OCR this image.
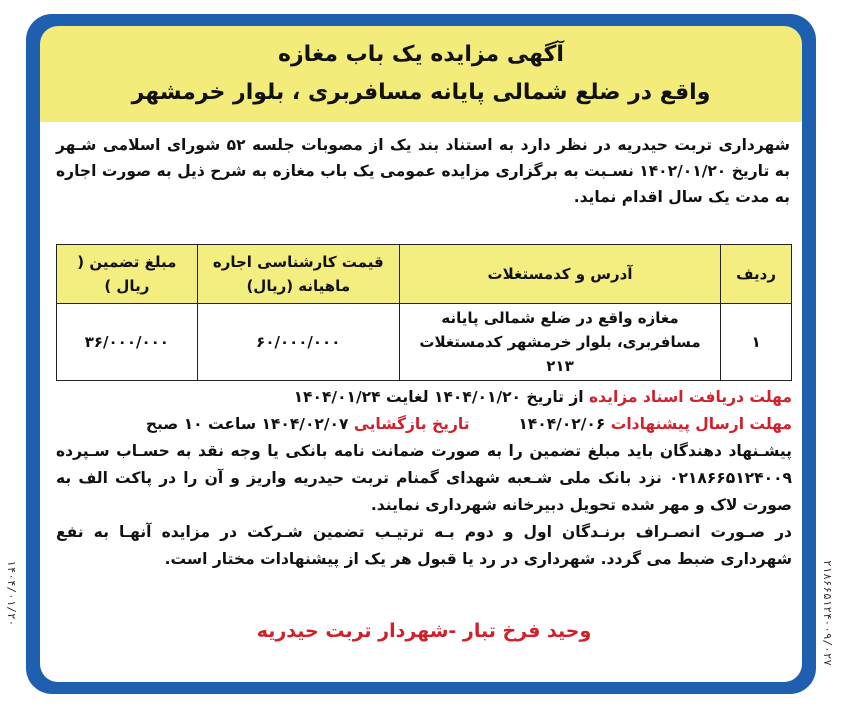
آگهی مزایده یک باب مغازه
واقع در ضلع شمالی پایانه مسافربری ، بلوار خرمشهر
شهرداری تربت حیدریه در نظر دارد به استناد بند یک از مصوبات جلسه ۵۲ شورای اسلامی شـهر به تاریخ ۱۴۰۲/۰۱/۲۰ نسـبت به برگزاری مزایده عمومی یک باب مغازه به شرح ذیل به صورت اجاره به مدت یک سال اقدام نماید.
ردیف	آدرس و کدمستغلات	قیمت کارشناسی اجاره ماهیانه (ریال)	مبلغ تضمین ( ریال )
۱	مغازه واقع در ضلع شمالی پایانه مسافربری، بلوار خرمشهر کدمستغلات ۲۱۳	۶۰/۰۰۰/۰۰۰	۳۶/۰۰۰/۰۰۰
مهلت دریافت اسناد مزایده از تاریخ ۱۴۰۴/۰۱/۲۰ لغایت ۱۴۰۴/۰۱/۲۴
مهلت ارسال پیشنهادات ۱۴۰۴/۰۲/۰۶  تاریخ بازگشایی ۱۴۰۴/۰۲/۰۷ ساعت ۱۰ صبح
پیشـنهاد دهندگان باید مبلغ تضمین را به صورت ضمانت نامه بانکی یا وجه نقد به حسـاب سـپرده ۰۲۱۸۶۶۵۱۲۴۰۰۹ نزد بانک ملی شـعبه شهدای گمنام تربت حیدریه واریز و آن را در پاکت الف به صورت لاک و مهر شده تحویل دبیرخانه شهرداری نمایند.
در صـورت انصـراف برنـدگان اول و دوم بـه ترتیـب تضمین شـرکت در مزایده آنهـا به نفع شهرداری ضبط می گردد. شهرداری در رد یا قبول هر یک از پیشنهادات مختار است.
وحید فرخ تبار -شهردار تربت حیدریه	۲۱۸۶۶۵۱۲۴۰۰۹/۰۲۷
۱۴۰۴/۰۱/۲۰
